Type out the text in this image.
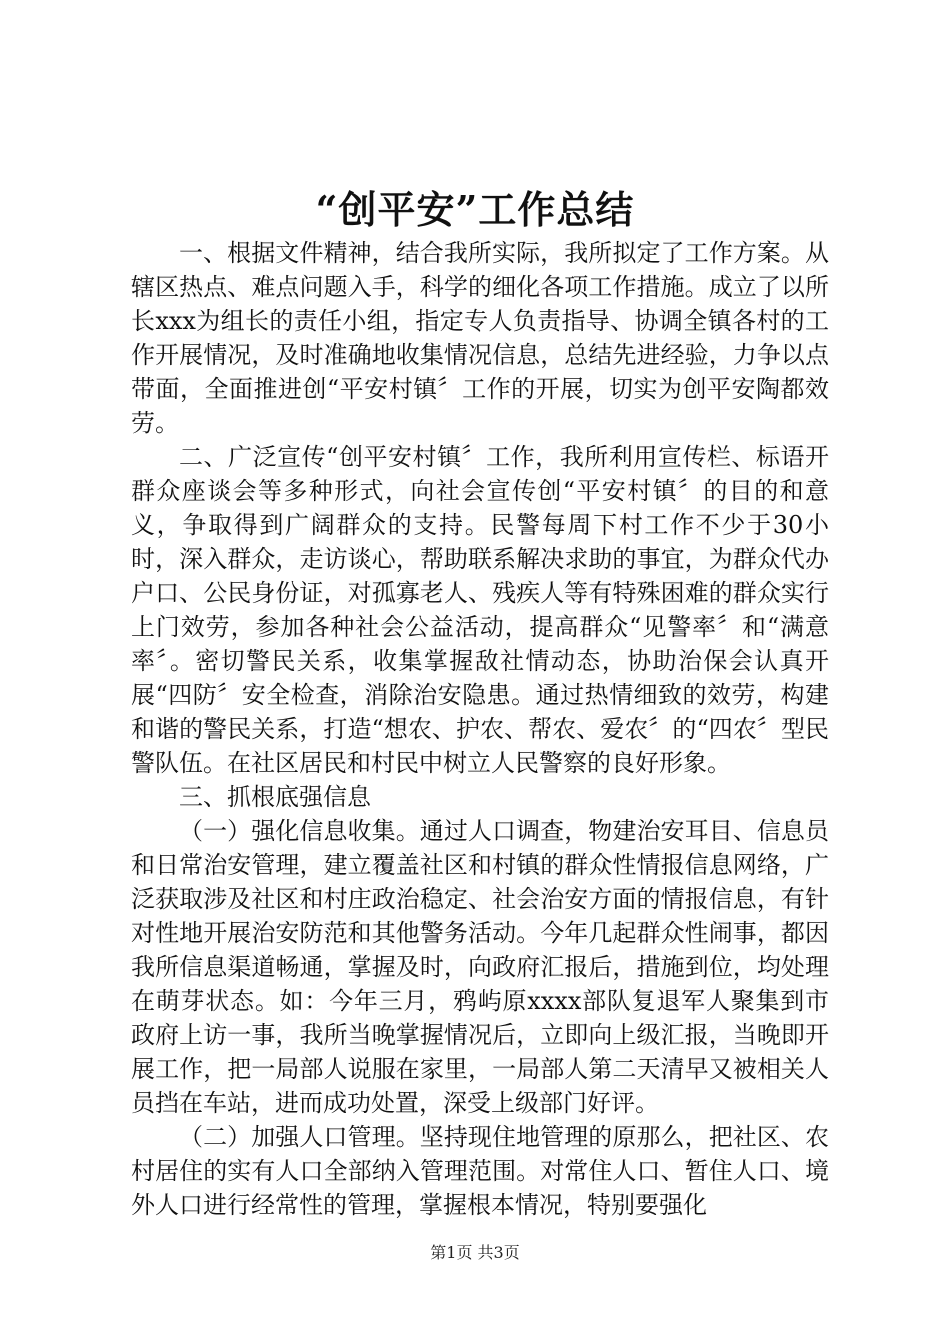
“创平安”工作总结

一、根据文件精神，结合我所实际，我所拟定了工作方案。从辖区热点、难点问题入手，科学的细化各项工作措施。成立了以所长xxx为组长的责任小组，指定专人负责指导、协调全镇各村的工作开展情况，及时准确地收集情况信息，总结先进经验，力争以点带面，全面推进创“平安村镇〞工作的开展，切实为创平安陶都效劳。

二、广泛宣传“创平安村镇〞工作，我所利用宣传栏、标语开群众座谈会等多种形式，向社会宣传创“平安村镇〞的目的和意义，争取得到广阔群众的支持。民警每周下村工作不少于30小时，深入群众，走访谈心，帮助联系解决求助的事宜，为群众代办户口、公民身份证，对孤寡老人、残疾人等有特殊困难的群众实行上门效劳，参加各种社会公益活动，提高群众“见警率〞和“满意率〞。密切警民关系，收集掌握敌社情动态，协助治保会认真开展“四防〞安全检查，消除治安隐患。通过热情细致的效劳，构建和谐的警民关系，打造“想农、护农、帮农、爱农〞的“四农〞型民警队伍。在社区居民和村民中树立人民警察的良好形象。

三、抓根底强信息

（一）强化信息收集。通过人口调查，物建治安耳目、信息员和日常治安管理，建立覆盖社区和村镇的群众性情报信息网络，广泛获取涉及社区和村庄政治稳定、社会治安方面的情报信息，有针对性地开展治安防范和其他警务活动。今年几起群众性闹事，都因我所信息渠道畅通，掌握及时，向政府汇报后，措施到位，均处理在萌芽状态。如：今年三月，鸦屿原xxxx部队复退军人聚集到市政府上访一事，我所当晚掌握情况后，立即向上级汇报，当晚即开展工作，把一局部人说服在家里，一局部人第二天清早又被相关人员挡在车站，进而成功处置，深受上级部门好评。

（二）加强人口管理。坚持现住地管理的原那么，把社区、农村居住的实有人口全部纳入管理范围。对常住人口、暂住人口、境外人口进行经常性的管理，掌握根本情况，特别要强化

第1页 共3页
